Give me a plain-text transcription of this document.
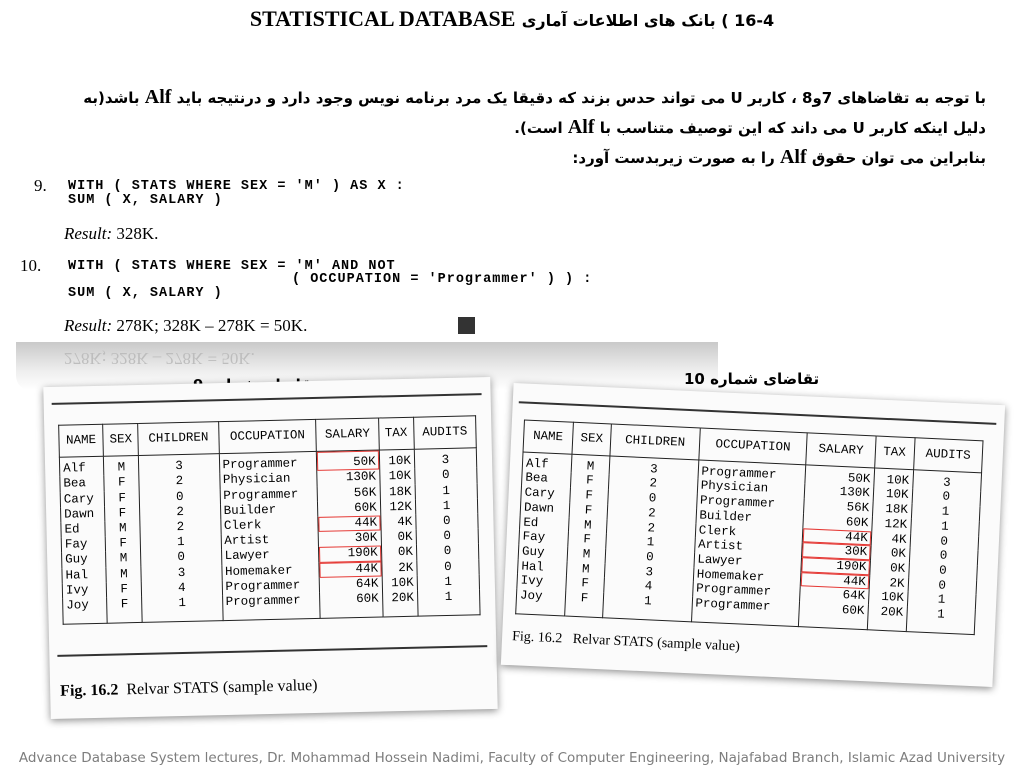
STATISTICAL DATABASE 16-4 ) بانک های اطلاعات آماری
با توجه به تقاضاهای 7و8 ، کاربر U می تواند حدس بزند که دقیقا یک مرد برنامه نویس وجود دارد و درنتیجه باید Alf باشد(به
دلیل اینکه کاربر U می داند که این توصیف متناسب با Alf است).
بنابراین می توان حقوق Alf را به صورت زیربدست آورد:
9. WITH ( STATS WHERE SEX = 'M' ) AS X :
SUM ( X, SALARY )
Result: 328K.
10. WITH ( STATS WHERE SEX = 'M' AND NOT
( OCCUPATION = 'Programmer' ) ) :
SUM ( X, SALARY )
Result: 278K; 328K – 278K = 50K.
278K; 328K – 278K = 50K.
تقاضای شماره 10
NAME	SEX	CHILDREN	OCCUPATION	SALARY	TAX	AUDITS
Alf	M	3	Programmer	50K	10K	3
Bea	F	2	Physician	130K	10K	0
Cary	F	0	Programmer	56K	18K	1
Dawn	F	2	Builder	60K	12K	1
Ed	M	2	Clerk	44K	4K	0
Fay	F	1	Artist	30K	0K	0
Guy	M	0	Lawyer	190K	0K	0
Hal	M	3	Homemaker	44K	2K	0
Ivy	F	4	Programmer	64K	10K	1
Joy	F	1	Programmer	60K	20K	1
Fig. 16.2 Relvar STATS (sample value)
NAME	SEX	CHILDREN	OCCUPATION	SALARY	TAX	AUDITS
Alf	M	3	Programmer	50K	10K	3
Bea	F	2	Physician	130K	10K	0
Cary	F	0	Programmer	56K	18K	1
Dawn	F	2	Builder	60K	12K	1
Ed	M	2	Clerk	44K	4K	0
Fay	F	1	Artist	30K	0K	0
Guy	M	0	Lawyer	190K	0K	0
Hal	M	3	Homemaker	44K	2K	0
Ivy	F	4	Programmer	64K	10K	1
Joy	F	1	Programmer	60K	20K	1
Fig. 16.2 Relvar STATS (sample value)
Advance Database System lectures, Dr. Mohammad Hossein Nadimi, Faculty of Computer Engineering, Najafabad Branch, Islamic Azad University
